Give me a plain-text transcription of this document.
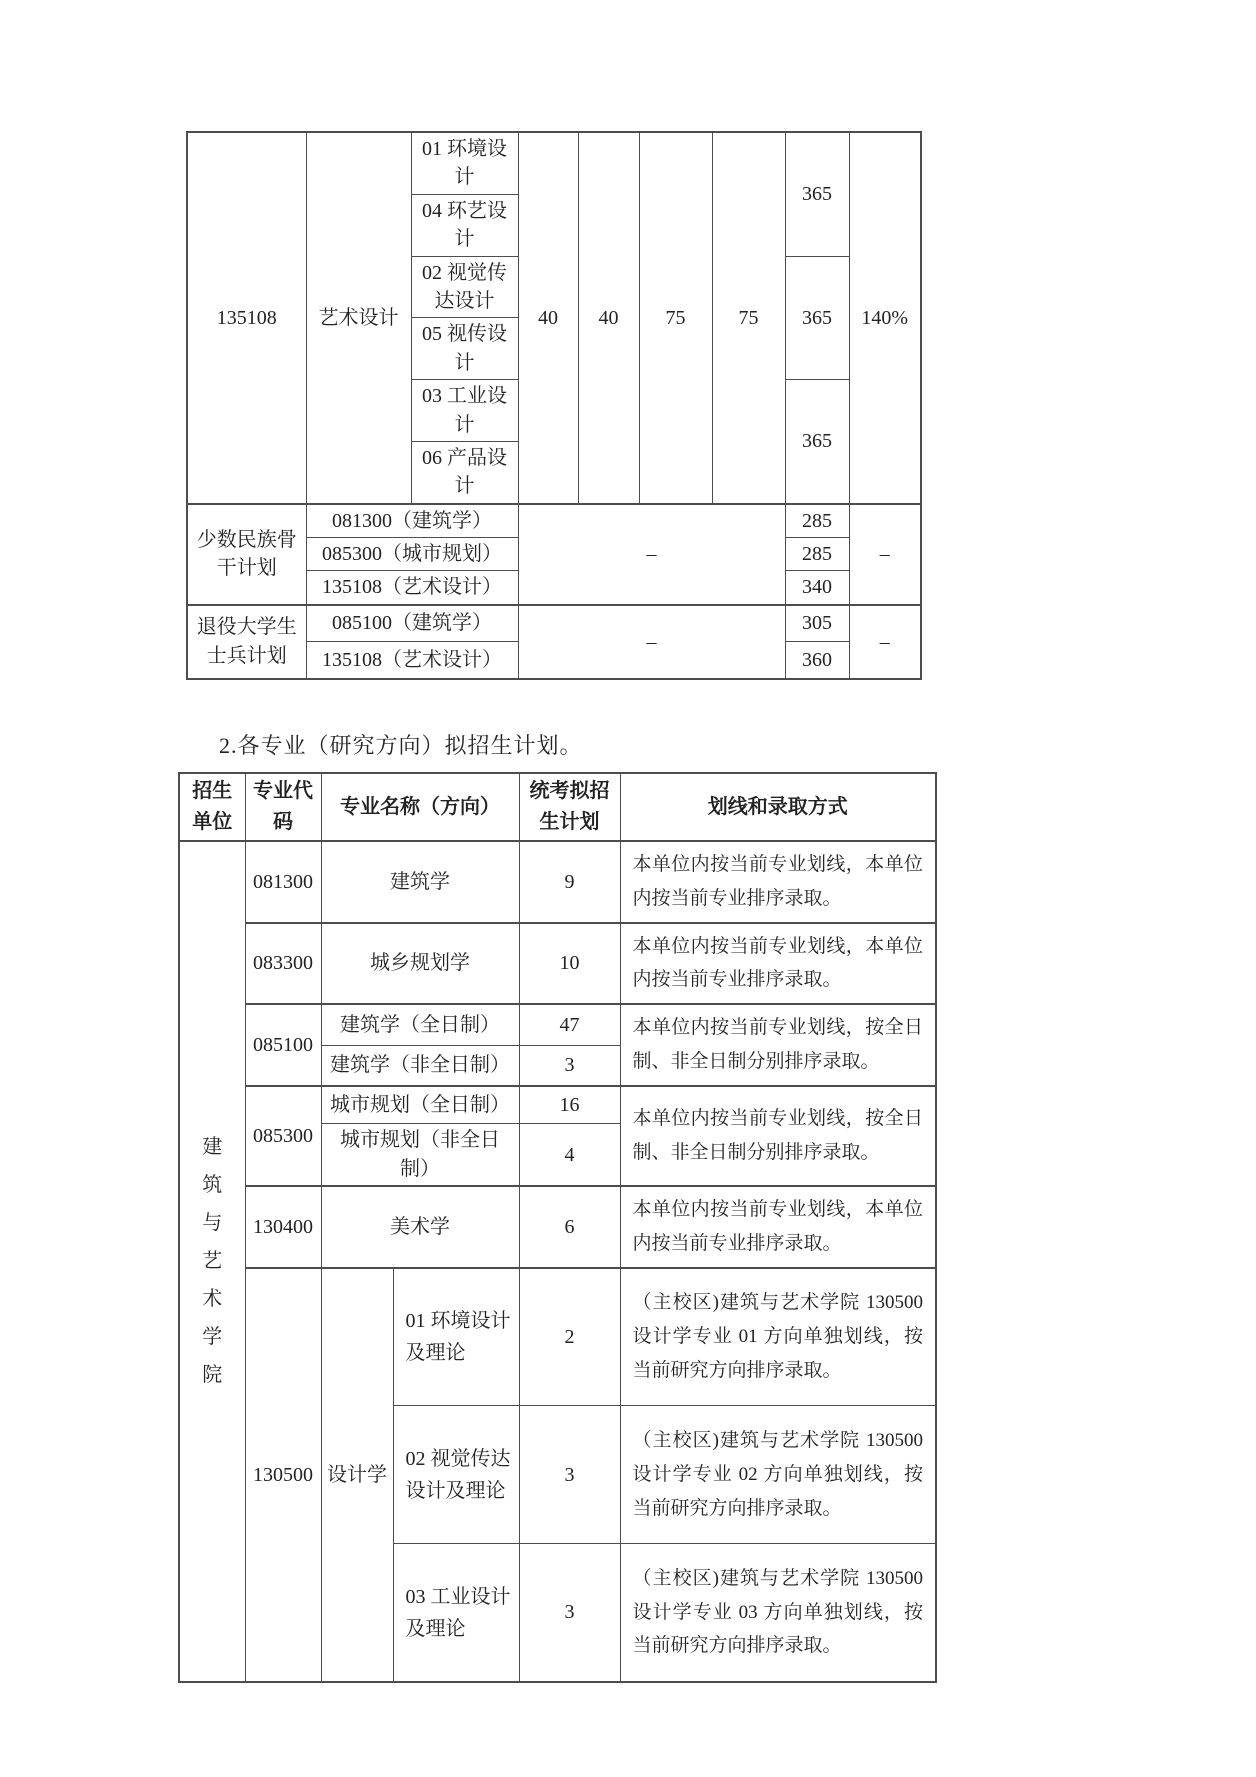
135108	艺术设计	01 环境设计	40	40	75	75	365	140%
		04 环艺设计						
		02 视觉传达设计					365	
		05 视传设计						
		03 工业设计					365	
		06 产品设计						
少数民族骨干计划	081300（建筑学）		–				285	–
	085300（城市规划）						285	
	135108（艺术设计）						340	
退役大学生士兵计划	085100（建筑学）		–				305	–
	135108（艺术设计）						360	
2.各专业（研究方向）拟招生计划。
招生单位	专业代码	专业名称（方向）		统考拟招生计划	划线和录取方式

建筑与艺术学院	081300	建筑学		9	本单位内按当前专业划线，本单位内按当前专业排序录取。
	083300	城乡规划学		10	本单位内按当前专业划线，本单位内按当前专业排序录取。
	085100	建筑学（全日制）		47	本单位内按当前专业划线，按全日制、非全日制分别排序录取。
		建筑学（非全日制）		3	
	085300	城市规划（全日制）		16	本单位内按当前专业划线，按全日制、非全日制分别排序录取。
		城市规划（非全日制）		4	
	130400	美术学		6	本单位内按当前专业划线，本单位内按当前专业排序录取。
	130500	设计学	01 环境设计及理论	2	（主校区)建筑与艺术学院 130500 设计学专业 01 方向单独划线，按当前研究方向排序录取。
			02 视觉传达设计及理论	3	（主校区)建筑与艺术学院 130500 设计学专业 02 方向单独划线，按当前研究方向排序录取。
			03 工业设计及理论	3	（主校区)建筑与艺术学院 130500 设计学专业 03 方向单独划线，按当前研究方向排序录取。
